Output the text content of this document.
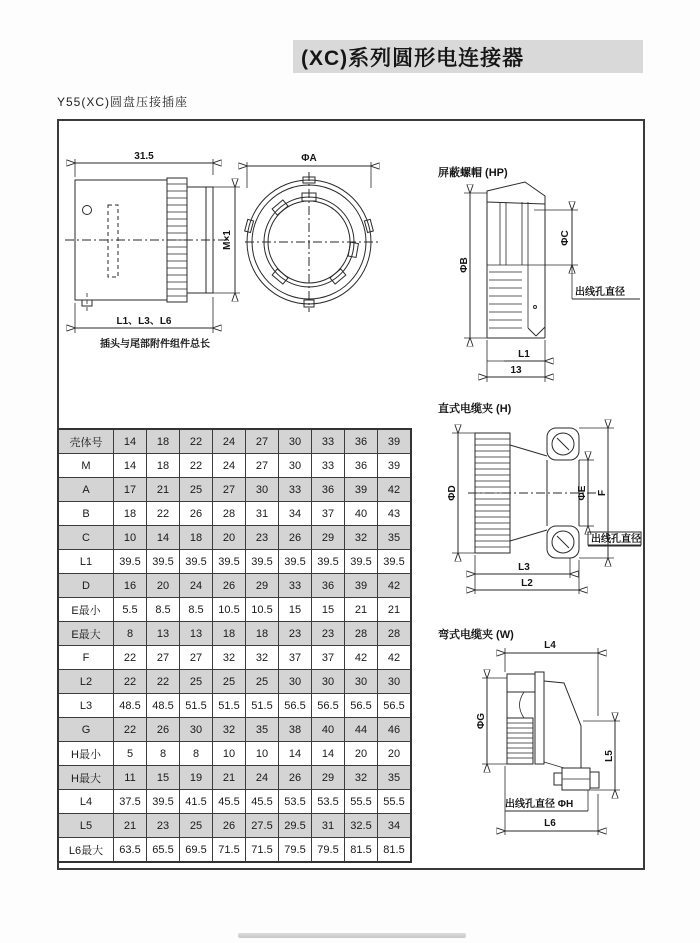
(XC)系列圆形电连接器
Y55(XC)圆盘压接插座
31.5
M×1
L1、L3、L6
插头与尾部附件组件总长
ΦA
屏蔽螺帽 (HP)
ΦB
ΦC
出线孔直径
L1
13
直式电缆夹 (H)
ΦD	F
ΦE
出线孔直径
L3
L2
弯式电缆夹 (W)
L4
ΦG
L5
出线孔直径 ΦH
L6
壳体号	14	18	22	24	27	30	33	36	39
M	14	18	22	24	27	30	33	36	39
A	17	21	25	27	30	33	36	39	42
B	18	22	26	28	31	34	37	40	43
C	10	14	18	20	23	26	29	32	35
L1	39.5	39.5	39.5	39.5	39.5	39.5	39.5	39.5	39.5
D	16	20	24	26	29	33	36	39	42
E最小	5.5	8.5	8.5	10.5	10.5	15	15	21	21
E最大	8	13	13	18	18	23	23	28	28
F	22	27	27	32	32	37	37	42	42
L2	22	22	25	25	25	30	30	30	30
L3	48.5	48.5	51.5	51.5	51.5	56.5	56.5	56.5	56.5
G	22	26	30	32	35	38	40	44	46
H最小	5	8	8	10	10	14	14	20	20
H最大	11	15	19	21	24	26	29	32	35
L4	37.5	39.5	41.5	45.5	45.5	53.5	53.5	55.5	55.5
L5	21	23	25	26	27.5	29.5	31	32.5	34
L6最大	63.5	65.5	69.5	71.5	71.5	79.5	79.5	81.5	81.5
